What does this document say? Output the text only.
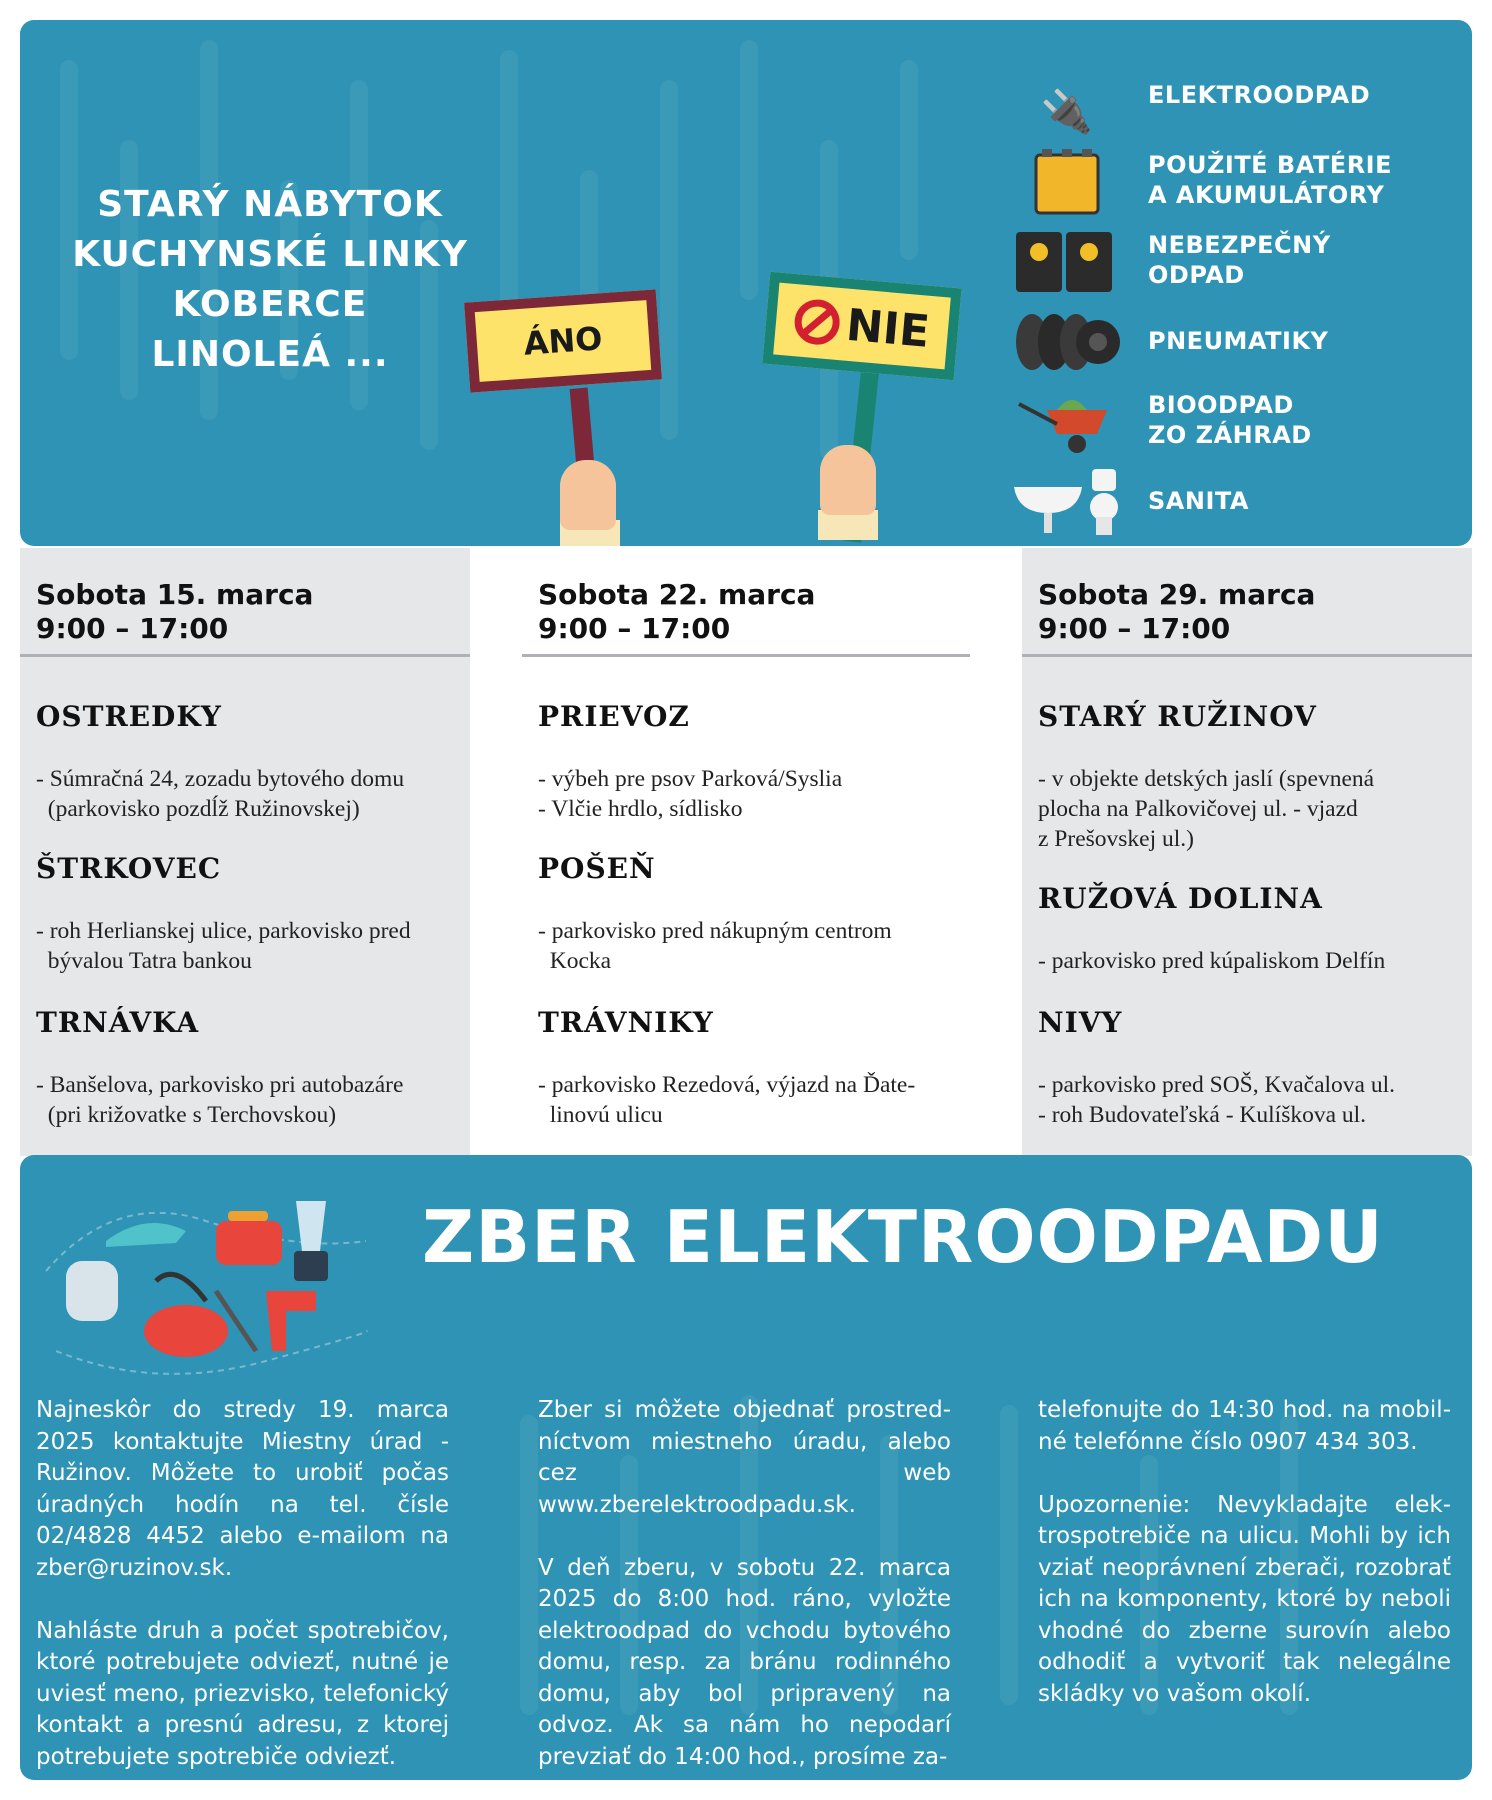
STARÝ NÁBYTOK
KUCHYNSKÉ LINKY
KOBERCE
LINOLEÁ ...	ÁNO	NIE
🔌 ELEKTROODPAD
POUŽITÉ BATÉRIE
A AKUMULÁTORY
NEBEZPEČNÝ
ODPAD
PNEUMATIKY
BIOODPAD
ZO ZÁHRAD
SANITA
Sobota 15. marca
9:00 – 17:00
OSTREDKY
- Súmračná 24, zozadu bytového domu
(parkovisko pozdĺž Ružinovskej)
ŠTRKOVEC
- roh Herlianskej ulice, parkovisko pred
bývalou Tatra bankou
TRNÁVKA
- Banšelova, parkovisko pri autobazáre
(pri križovatke s Terchovskou)
Sobota 22. marca
9:00 – 17:00
PRIEVOZ
- výbeh pre psov Parková/Syslia
- Vlčie hrdlo, sídlisko
POŠEŇ
- parkovisko pred nákupným centrom
Kocka
TRÁVNIKY
- parkovisko Rezedová, výjazd na Ďate-
linovú ulicu
Sobota 29. marca
9:00 – 17:00
STARÝ RUŽINOV
- v objekte detských jaslí (spevnená
plocha na Palkovičovej ul. - vjazd
z Prešovskej ul.)
RUŽOVÁ DOLINA
- parkovisko pred kúpaliskom Delfín
NIVY
- parkovisko pred SOŠ, Kvačalova ul.
- roh Budovateľská - Kulíškova ul.
ZBER ELEKTROODPADU
Najneskôr do stredy 19. marca 2025 kontaktujte Miestny úrad - Ružinov. Môžete to urobiť počas úradných hodín na tel. čísle 02/4828 4452 alebo e-mailom na zber@ruzinov.sk.

Nahláste druh a počet spotrebičov, ktoré potrebujete odviezť, nutné je uviesť meno, priezvisko, telefonický kontakt a presnú adresu, z ktorej potrebujete spotrebiče odviezť.
Zber si môžete objednať prostredníctvom miestneho úradu, alebo cez web www.zberelektroodpadu.sk.

V deň zberu, v sobotu 22. marca 2025 do 8:00 hod. ráno, vyložte elektroodpad do vchodu bytového domu, resp. za bránu rodinného domu, aby bol pripravený na odvoz. Ak sa nám ho nepodarí prevziať do 14:00 hod., prosíme za-
telefonujte do 14:30 hod. na mobilné telefónne číslo 0907 434 303.

Upozornenie: Nevykladajte elektrospotrebiče na ulicu. Mohli by ich vziať neoprávnení zberači, rozobrať ich na komponenty, ktoré by neboli vhodné do zberne surovín alebo odhodiť a vytvoriť tak nelegálne skládky vo vašom okolí.
